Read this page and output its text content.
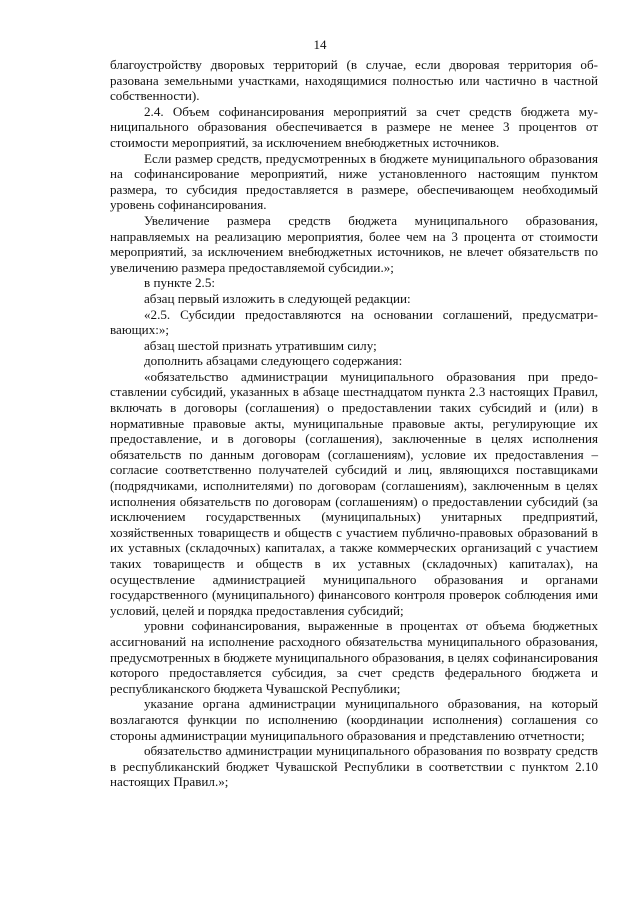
14

благоустройству дворовых территорий (в случае, если дворовая территория образована земельными участками, находящимися полностью или частично в частной собственности).

2.4. Объем софинансирования мероприятий за счет средств бюджета муниципального образования обеспечивается в размере не менее 3 процентов от стоимости мероприятий, за исключением внебюджетных источников.

Если размер средств, предусмотренных в бюджете муниципального образования на софинансирование мероприятий, ниже установленного настоящим пунктом размера, то субсидия предоставляется в размере, обеспечивающем необходимый уровень софинансирования.

Увеличение размера средств бюджета муниципального образования, направляемых на реализацию мероприятия, более чем на 3 процента от стоимости мероприятий, за исключением внебюджетных источников, не влечет обязательств по увеличению размера предоставляемой субсидии.»;

в пункте 2.5:

абзац первый изложить в следующей редакции:

«2.5. Субсидии предоставляются на основании соглашений, предусматривающих:»;

абзац шестой признать утратившим силу;

дополнить абзацами следующего содержания:

«обязательство администрации муниципального образования при предоставлении субсидий, указанных в абзаце шестнадцатом пункта 2.3 настоящих Правил, включать в договоры (соглашения) о предоставлении таких субсидий и (или) в нормативные правовые акты, муниципальные правовые акты, регулирующие их предоставление, и в договоры (соглашения), заключенные в целях исполнения обязательств по данным договорам (соглашениям), условие их предоставления – согласие соответственно получателей субсидий и лиц, являющихся поставщиками (подрядчиками, исполнителями) по договорам (соглашениям), заключенным в целях исполнения обязательств по договорам (соглашениям) о предоставлении субсидий (за исключением государственных (муниципальных) унитарных предприятий, хозяйственных товариществ и обществ с участием публично-правовых образований в их уставных (складочных) капиталах, а также коммерческих организаций с участием таких товариществ и обществ в их уставных (складочных) капиталах), на осуществление администрацией муниципального образования и органами государственного (муниципального) финансового контроля проверок соблюдения ими условий, целей и порядка предоставления субсидий;

уровни софинансирования, выраженные в процентах от объема бюджетных ассигнований на исполнение расходного обязательства муниципального образования, предусмотренных в бюджете муниципального образования, в целях софинансирования которого предоставляется субсидия, за счет средств федерального бюджета и республиканского бюджета Чувашской Республики;

указание органа администрации муниципального образования, на который возлагаются функции по исполнению (координации исполнения) соглашения со стороны администрации муниципального образования и представлению отчетности;

обязательство администрации муниципального образования по возврату средств в республиканский бюджет Чувашской Республики в соответствии с пунктом 2.10 настоящих Правил.»;
